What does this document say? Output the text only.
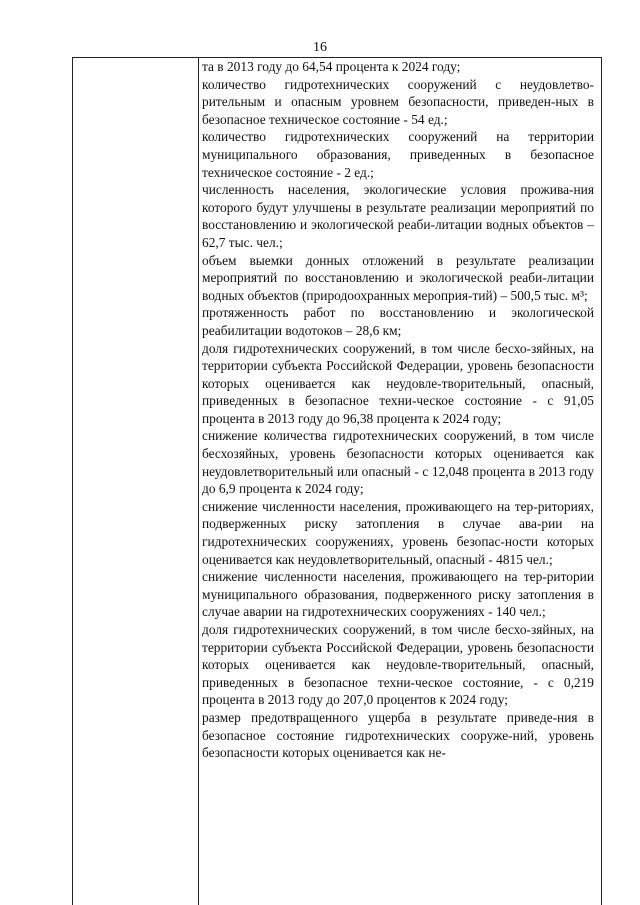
16

та в 2013 году до 64,54 процента к 2024 году;

количество гидротехнических сооружений с неудовлетво-рительным и опасным уровнем безопасности, приведен-ных в безопасное техническое состояние - 54 ед.;

количество гидротехнических сооружений на территории муниципального образования, приведенных в безопасное техническое состояние - 2 ед.;

численность населения, экологические условия прожива-ния которого будут улучшены в результате реализации мероприятий по восстановлению и экологической реаби-литации водных объектов – 62,7 тыс. чел.;

объем выемки донных отложений в результате реализации мероприятий по восстановлению и экологической реаби-литации водных объектов (природоохранных мероприя-тий) – 500,5 тыс. м³;

протяженность работ по восстановлению и экологической реабилитации водотоков – 28,6 км;

доля гидротехнических сооружений, в том числе бесхо-зяйных, на территории субъекта Российской Федерации, уровень безопасности которых оценивается как неудовле-творительный, опасный, приведенных в безопасное техни-ческое состояние - с 91,05 процента в 2013 году до 96,38 процента к 2024 году;

снижение количества гидротехнических сооружений, в том числе бесхозяйных, уровень безопасности которых оценивается как неудовлетворительный или опасный - с 12,048 процента в 2013 году до 6,9 процента к 2024 году;

снижение численности населения, проживающего на тер-риториях, подверженных риску затопления в случае ава-рии на гидротехнических сооружениях, уровень безопас-ности которых оценивается как неудовлетворительный, опасный - 4815 чел.;

снижение численности населения, проживающего на тер-ритории муниципального образования, подверженного риску затопления в случае аварии на гидротехнических сооружениях - 140 чел.;

доля гидротехнических сооружений, в том числе бесхо-зяйных, на территории субъекта Российской Федерации, уровень безопасности которых оценивается как неудовле-творительный, опасный, приведенных в безопасное техни-ческое состояние, - с 0,219 процента в 2013 году до 207,0 процентов к 2024 году;

размер предотвращенного ущерба в результате приведе-ния в безопасное состояние гидротехнических сооруже-ний, уровень безопасности которых оценивается как не-
